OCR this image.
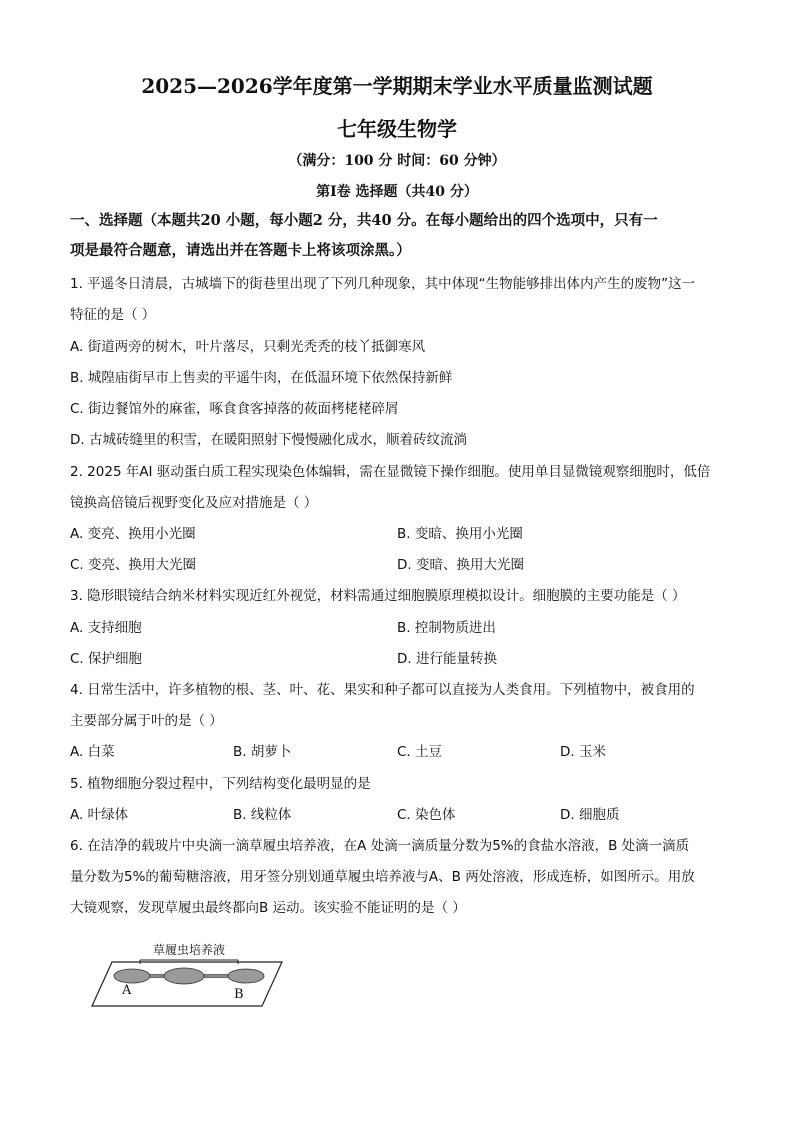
2025—2026学年度第一学期期末学业水平质量监测试题
七年级生物学
（满分：100 分 时间：60 分钟）
第Ⅰ卷 选择题（共40 分）
一、选择题（本题共20 小题，每小题2 分，共40 分。在每小题给出的四个选项中，只有一
项是最符合题意，请选出并在答题卡上将该项涂黑。）
1. 平遥冬日清晨，古城墙下的街巷里出现了下列几种现象，其中体现“生物能够排出体内产生的废物”这一
特征的是（ ）
A. 街道两旁的树木，叶片落尽，只剩光秃秃的枝丫抵御寒风
B. 城隍庙街早市上售卖的平遥牛肉，在低温环境下依然保持新鲜
C. 街边餐馆外的麻雀，啄食食客掉落的莜面栲栳栳碎屑
D. 古城砖缝里的积雪，在暖阳照射下慢慢融化成水，顺着砖纹流淌
2. 2025 年AI 驱动蛋白质工程实现染色体编辑，需在显微镜下操作细胞。使用单目显微镜观察细胞时，低倍
镜换高倍镜后视野变化及应对措施是（ ）
A. 变亮、换用小光圈	B. 变暗、换用小光圈
C. 变亮、换用大光圈	D. 变暗、换用大光圈
3. 隐形眼镜结合纳米材料实现近红外视觉，材料需通过细胞膜原理模拟设计。细胞膜的主要功能是（ ）
A. 支持细胞	B. 控制物质进出
C. 保护细胞	D. 进行能量转换
4. 日常生活中，许多植物的根、茎、叶、花、果实和种子都可以直接为人类食用。下列植物中，被食用的
主要部分属于叶的是（ ）
A. 白菜	B. 胡萝卜	C. 土豆	D. 玉米
5. 植物细胞分裂过程中，下列结构变化最明显的是
A. 叶绿体	B. 线粒体	C. 染色体	D. 细胞质
6. 在洁净的载玻片中央滴一滴草履虫培养液，在A 处滴一滴质量分数为5%的食盐水溶液，B 处滴一滴质
量分数为5%的葡萄糖溶液，用牙签分别划通草履虫培养液与A、B 两处溶液，形成连桥，如图所示。用放
大镜观察，发现草履虫最终都向B 运动。该实验不能证明的是（ ）
草履虫培养液
A	B
